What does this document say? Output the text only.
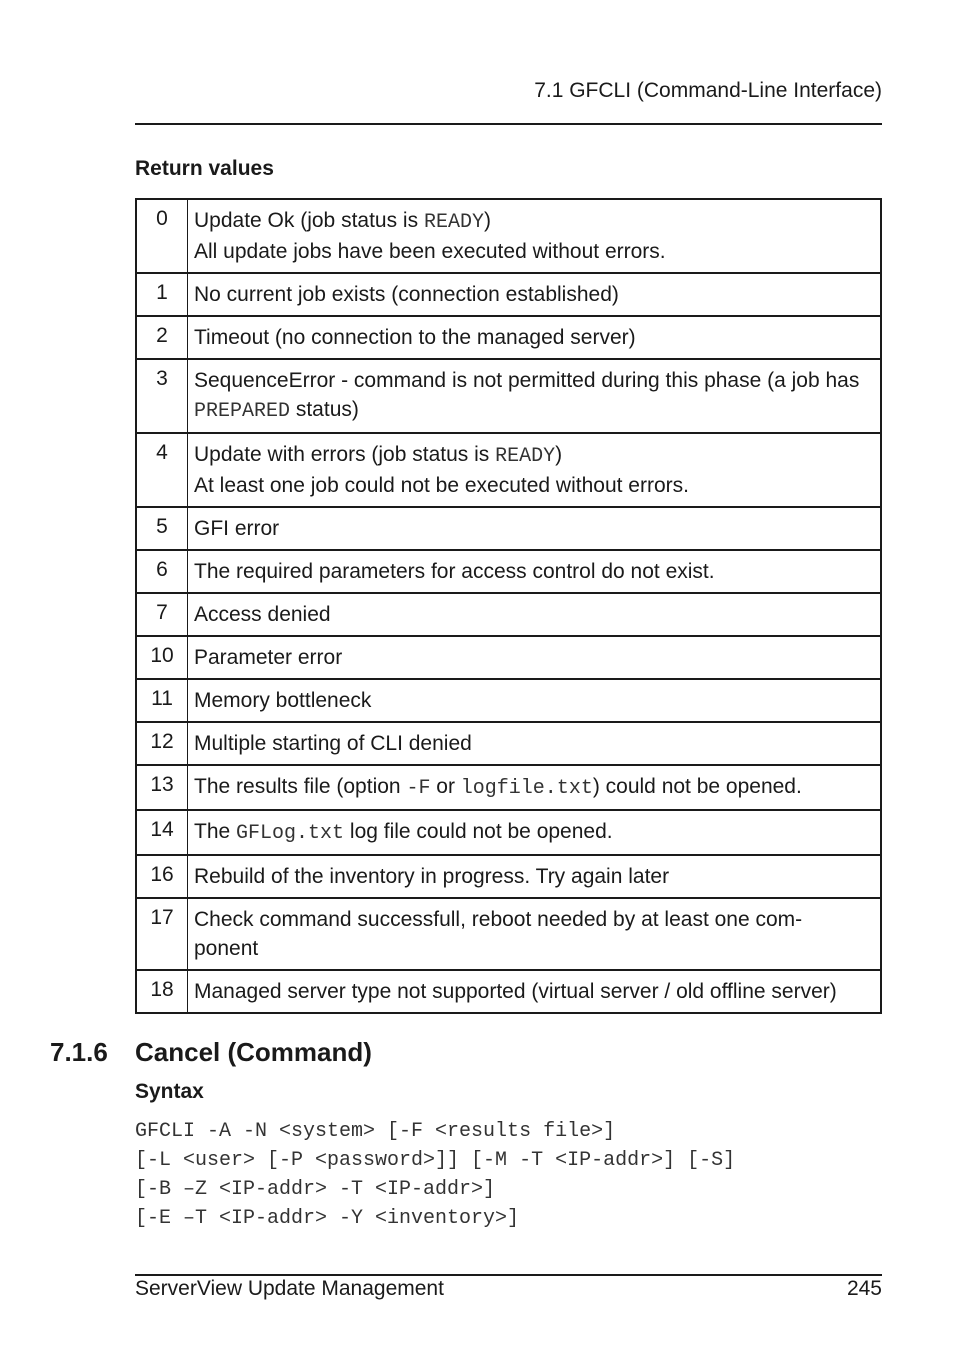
7.1 GFCLI (Command-Line Interface)
Return values
0	Update Ok (job status is READY)
All update jobs have been executed without errors.
1	No current job exists (connection established)
2	Timeout (no connection to the managed server)
3	SequenceError - command is not permitted during this phase (a job has PREPARED status)
4	Update with errors (job status is READY)
At least one job could not be executed without errors.
5	GFI error
6	The required parameters for access control do not exist.
7	Access denied
10	Parameter error
11	Memory bottleneck
12	Multiple starting of CLI denied
13	The results file (option -F or logfile.txt) could not be opened.
14	The GFLog.txt log file could not be opened.
16	Rebuild of the inventory in progress. Try again later
17	Check command successfull, reboot needed by at least one com-
ponent
18	Managed server type not supported (virtual server / old offline server)
7.1.6 Cancel (Command)
Syntax
GFCLI -A -N <system> [-F <results file>]
[-L <user> [-P <password>]] [-M -T <IP-addr>] [-S]
[-B –Z <IP-addr> -T <IP-addr>]
[-E –T <IP-addr> -Y <inventory>]
ServerView Update Management	245
